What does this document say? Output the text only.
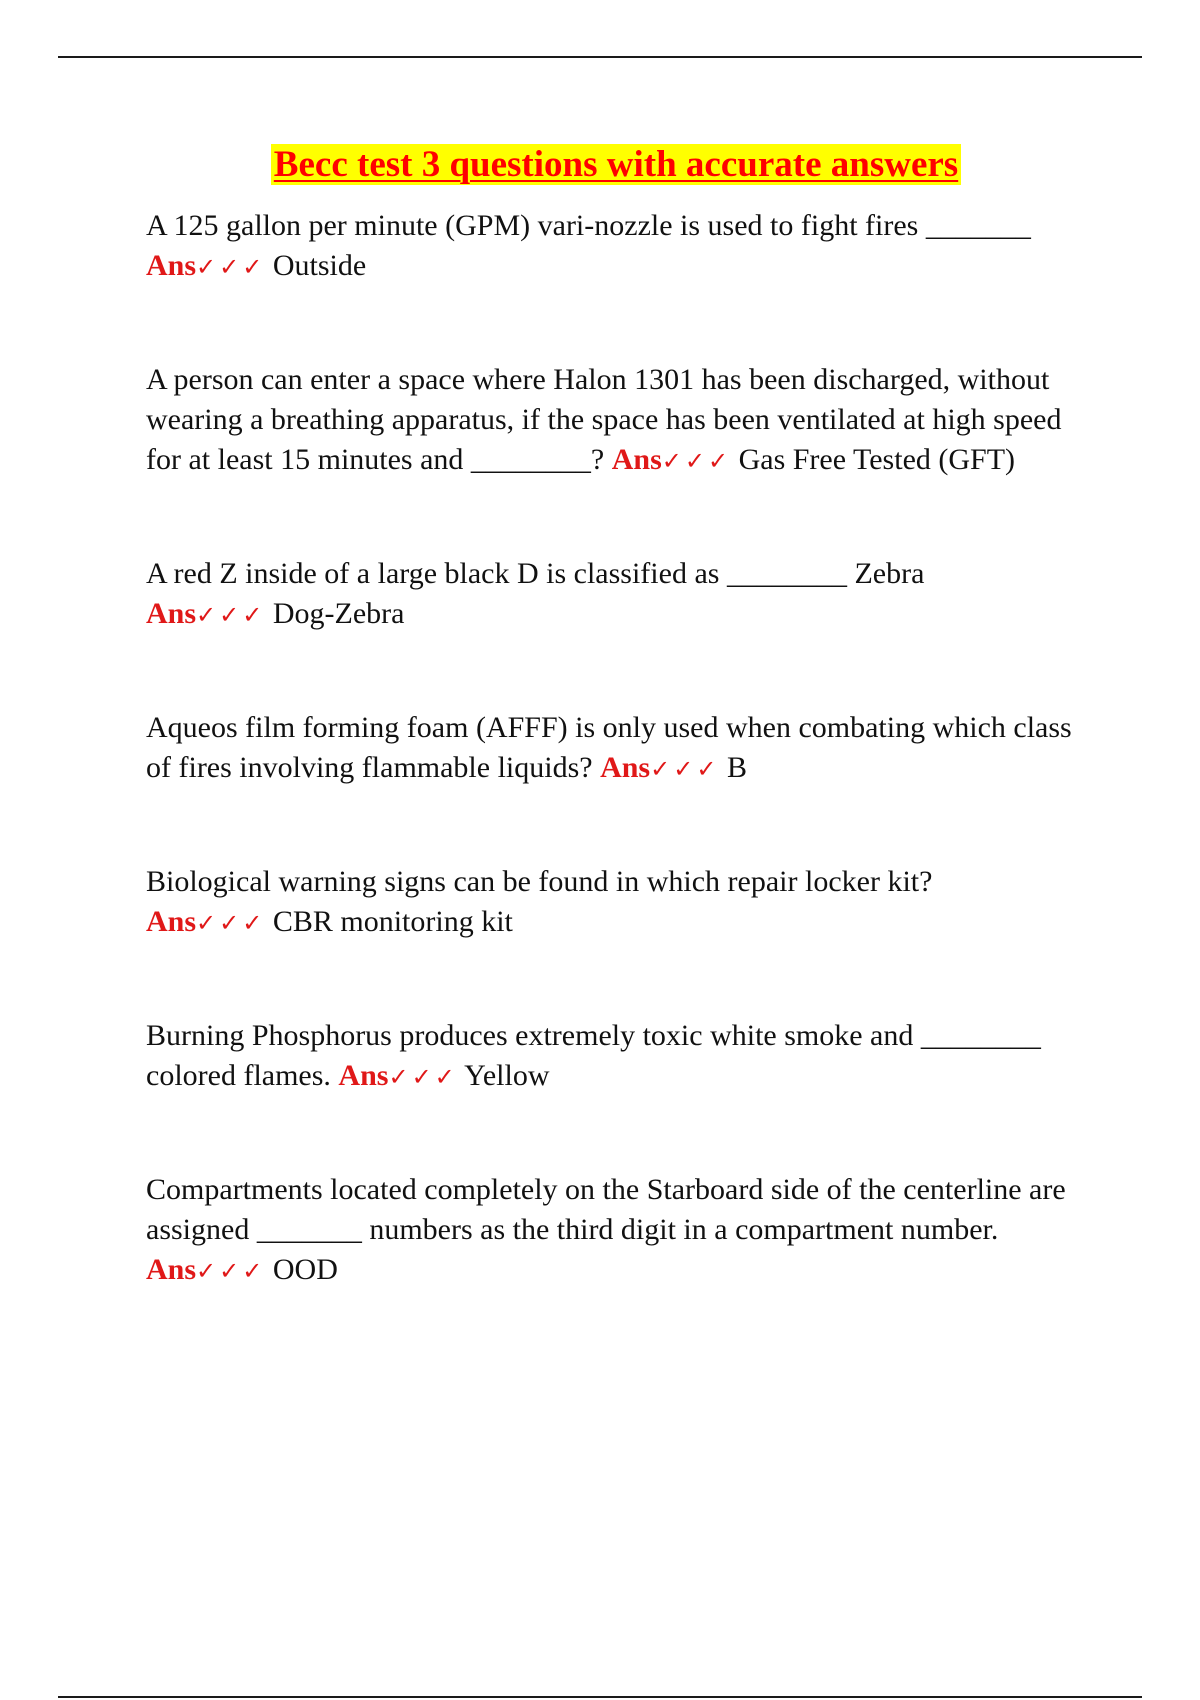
Becc test 3 questions with accurate answers

A 125 gallon per minute (GPM) vari-nozzle is used to fight fires _______
Ans✓✓✓ Outside

A person can enter a space where Halon 1301 has been discharged, without wearing a breathing apparatus, if the space has been ventilated at high speed for at least 15 minutes and ________? Ans✓✓✓ Gas Free Tested (GFT)

A red Z inside of a large black D is classified as ________ Zebra
Ans✓✓✓ Dog-Zebra

Aqueos film forming foam (AFFF) is only used when combating which class of fires involving flammable liquids? Ans✓✓✓ B

Biological warning signs can be found in which repair locker kit?
Ans✓✓✓ CBR monitoring kit

Burning Phosphorus produces extremely toxic white smoke and ________ colored flames. Ans✓✓✓ Yellow

Compartments located completely on the Starboard side of the centerline are assigned _______ numbers as the third digit in a compartment number. Ans✓✓✓ OOD
